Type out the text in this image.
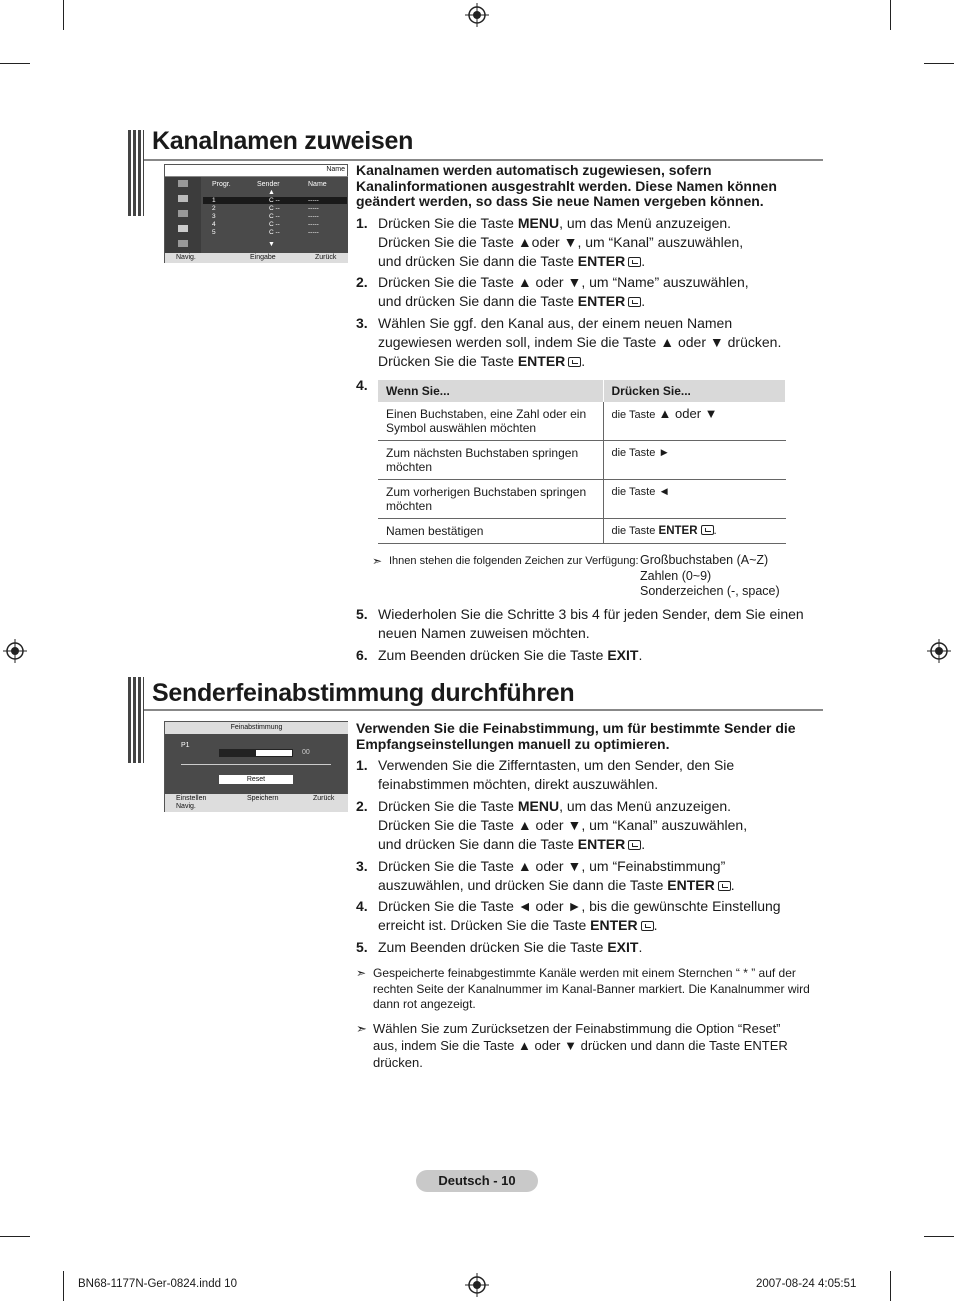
Kanalnamen zuweisen
Name
Progr.	Sender	Name
▲
1	C --	-----
2	C --	-----
3	C --	-----
4	C --	-----
5	C --	-----
▼
Navig.	Eingabe	Zurück
Kanalnamen werden automatisch zugewiesen, sofern Kanalinformationen ausgestrahlt werden. Diese Namen können geändert werden, so dass Sie neue Namen vergeben können.
1. Drücken Sie die Taste MENU, um das Menü anzuzeigen.
Drücken Sie die Taste ▲oder ▼, um “Kanal” auszuwählen,
und drücken Sie dann die Taste ENTER .
2. Drücken Sie die Taste ▲ oder ▼, um “Name” auszuwählen,
und drücken Sie dann die Taste ENTER .
3. Wählen Sie ggf. den Kanal aus, der einem neuen Namen
zugewiesen werden soll, indem Sie die Taste ▲ oder ▼ drücken.
Drücken Sie die Taste ENTER .
4.
5. Wiederholen Sie die Schritte 3 bis 4 für jeden Sender, dem Sie einen
neuen Namen zuweisen möchten.
6. Zum Beenden drücken Sie die Taste EXIT.
Wenn Sie...	Drücken Sie...
Einen Buchstaben, eine Zahl oder ein Symbol auswählen möchten	die Taste ▲ oder ▼
Zum nächsten Buchstaben springen möchten	die Taste ►
Zum vorherigen Buchstaben springen möchten	die Taste ◄
Namen bestätigen	die Taste ENTER .
➣ Ihnen stehen die folgenden Zeichen zur Verfügung: Großbuchstaben (A~Z)
Zahlen (0~9)
Sonderzeichen (-, space)
Senderfeinabstimmung durchführen
Feinabstimmung
P1
00
Reset
Einstellen	Speichern	Zurück
Navig.
Verwenden Sie die Feinabstimmung, um für bestimmte Sender die Empfangseinstellungen manuell zu optimieren.
1. Verwenden Sie die Zifferntasten, um den Sender, den Sie
feinabstimmen möchten, direkt auszuwählen.
2. Drücken Sie die Taste MENU, um das Menü anzuzeigen.
Drücken Sie die Taste ▲ oder ▼, um “Kanal” auszuwählen,
und drücken Sie dann die Taste ENTER .
3. Drücken Sie die Taste ▲ oder ▼, um “Feinabstimmung”
auszuwählen, und drücken Sie dann die Taste ENTER .
4. Drücken Sie die Taste ◄ oder ►, bis die gewünschte Einstellung
erreicht ist. Drücken Sie die Taste ENTER .
5. Zum Beenden drücken Sie die Taste EXIT.
➣ Gespeicherte feinabgestimmte Kanäle werden mit einem Sternchen “ * ” auf der rechten Seite der Kanalnummer im Kanal-Banner markiert. Die Kanalnummer wird dann rot angezeigt.
➣ Wählen Sie zum Zurücksetzen der Feinabstimmung die Option “Reset” aus, indem Sie die Taste ▲ oder ▼ drücken und dann die Taste ENTER drücken.
Deutsch - 10
BN68-1177N-Ger-0824.indd 10	2007-08-24 4:05:51
